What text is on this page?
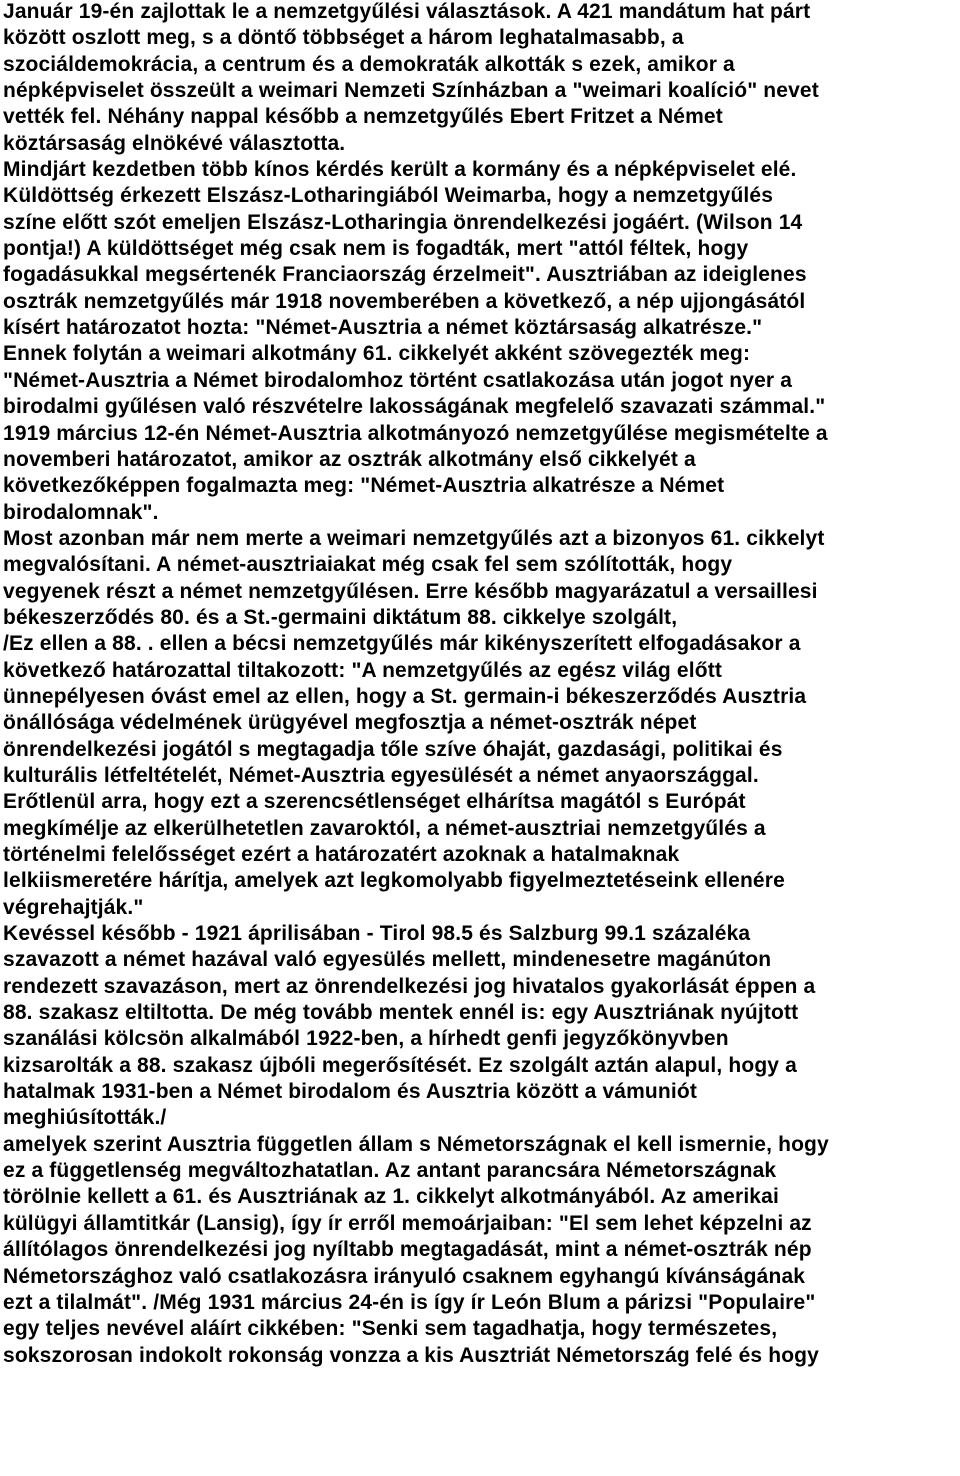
Január 19-én zajlottak le a nemzetgyűlési választások. A 421 mandátum hat párt
között oszlott meg, s a döntő többséget a három leghatalmasabb, a
szociáldemokrácia, a centrum és a demokraták alkották s ezek, amikor a
népképviselet összeült a weimari Nemzeti Színházban a "weimari koalíció" nevet
vették fel. Néhány nappal később a nemzetgyűlés Ebert Fritzet a Német
köztársaság elnökévé választotta.
Mindjárt kezdetben több kínos kérdés került a kormány és a népképviselet elé.
Küldöttség érkezett Elszász-Lotharingiából Weimarba, hogy a nemzetgyűlés
színe előtt szót emeljen Elszász-Lotharingia önrendelkezési jogáért. (Wilson 14
pontja!) A küldöttséget még csak nem is fogadták, mert "attól féltek, hogy
fogadásukkal megsértenék Franciaország érzelmeit". Ausztriában az ideiglenes
osztrák nemzetgyűlés már 1918 novemberében a következő, a nép ujjongásától
kísért határozatot hozta: "Német-Ausztria a német köztársaság alkatrésze."
Ennek folytán a weimari alkotmány 61. cikkelyét akként szövegezték meg:
"Német-Ausztria a Német birodalomhoz történt csatlakozása után jogot nyer a
birodalmi gyűlésen való részvételre lakosságának megfelelő szavazati számmal."
1919 március 12-én Német-Ausztria alkotmányozó nemzetgyűlése megismételte a
novemberi határozatot, amikor az osztrák alkotmány első cikkelyét a
következőképpen fogalmazta meg: "Német-Ausztria alkatrésze a Német
birodalomnak".
Most azonban már nem merte a weimari nemzetgyűlés azt a bizonyos 61. cikkelyt
megvalósítani. A német-ausztriaiakat még csak fel sem szólították, hogy
vegyenek részt a német nemzetgyűlésen. Erre később magyarázatul a versaillesi
békeszerződés 80. és a St.-germaini diktátum 88. cikkelye szolgált,
/Ez ellen a 88. . ellen a bécsi nemzetgyűlés már kikényszerített elfogadásakor a
következő határozattal tiltakozott: "A nemzetgyűlés az egész világ előtt
ünnepélyesen óvást emel az ellen, hogy a St. germain-i békeszerződés Ausztria
önállósága védelmének ürügyével megfosztja a német-osztrák népet
önrendelkezési jogától s megtagadja tőle szíve óhaját, gazdasági, politikai és
kulturális létfeltételét, Német-Ausztria egyesülését a német anyaországgal.
Erőtlenül arra, hogy ezt a szerencsétlenséget elhárítsa magától s Európát
megkímélje az elkerülhetetlen zavaroktól, a német-ausztriai nemzetgyűlés a
történelmi felelősséget ezért a határozatért azoknak a hatalmaknak
lelkiismeretére hárítja, amelyek azt legkomolyabb figyelmeztetéseink ellenére
végrehajtják."
Kevéssel később - 1921 áprilisában - Tirol 98.5 és Salzburg 99.1 százaléka
szavazott a német hazával való egyesülés mellett, mindenesetre magánúton
rendezett szavazáson, mert az önrendelkezési jog hivatalos gyakorlását éppen a
88. szakasz eltiltotta. De még tovább mentek ennél is: egy Ausztriának nyújtott
szanálási kölcsön alkalmából 1922-ben, a hírhedt genfi jegyzőkönyvben
kizsarolták a 88. szakasz újbóli megerősítését. Ez szolgált aztán alapul, hogy a
hatalmak 1931-ben a Német birodalom és Ausztria között a vámuniót
meghiúsították./
amelyek szerint Ausztria független állam s Németországnak el kell ismernie, hogy
ez a függetlenség megváltozhatatlan. Az antant parancsára Németországnak
törölnie kellett a 61. és Ausztriának az 1. cikkelyt alkotmányából. Az amerikai
külügyi államtitkár (Lansig), így ír erről memoárjaiban: "El sem lehet képzelni az
állítólagos önrendelkezési jog nyíltabb megtagadását, mint a német-osztrák nép
Németországhoz való csatlakozásra irányuló csaknem egyhangú kívánságának
ezt a tilalmát". /Még 1931 március 24-én is így ír León Blum a párizsi "Populaire"
egy teljes nevével aláírt cikkében: "Senki sem tagadhatja, hogy természetes,
sokszorosan indokolt rokonság vonzza a kis Ausztriát Németország felé és hogy
